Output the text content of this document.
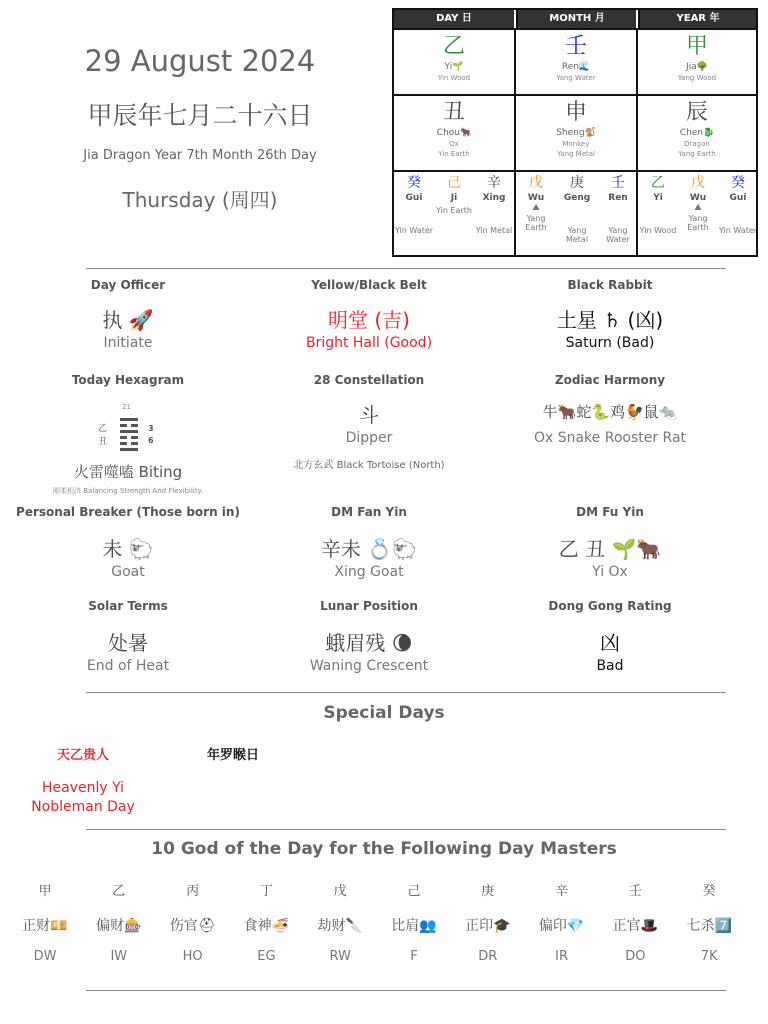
29 August 2024
甲辰年七月二十六日
Jia Dragon Year 7th Month 26th Day
Thursday (周四)
DAY 日	MONTH 月	YEAR 年
乙
Yi🌱
Yin Wood
壬
Ren🌊
Yang Water
甲
Jia🌳
Yang Wood
丑
Chou🐂
Ox
Yin Earth
申
Sheng🐒
Monkey
Yang Metal
辰
Chen🐉
Dragon
Yang Earth
癸
Gui
Yin Water
己
Ji
Yin Earth
辛
Xing
Yin Metal
戊
Wu
⛰
Yang Earth
庚
Geng
Yang Metal
壬
Ren
Yang Water
乙
Yi
Yin Wood
戊
Wu
⛰
Yang Earth
癸
Gui
Yin Water
Day Officer
执 🚀
Initiate
Yellow/Black Belt
明堂 (吉)
Bright Hall (Good)
Black Rabbit
土星 ♄ (凶)
Saturn (Bad)
Today Hexagram
21
乙
丑
3
6
火雷噬嗑 Biting
刚柔相济 Balancing Strength And Flexibility.
28 Constellation
斗
Dipper
北方玄武 Black Tortoise (North)
Zodiac Harmony
牛🐂蛇🐍鸡🐓鼠🐀
Ox Snake Rooster Rat
Personal Breaker (Those born in)
未 🐑
Goat
DM Fan Yin
辛未 💍🐑
Xing Goat
DM Fu Yin
乙 丑 🌱🐂
Yi Ox
Solar Terms
处暑
End of Heat
Lunar Position
蛾眉残 🌘
Waning Crescent
Dong Gong Rating
凶
Bad
Special Days
天乙贵人
Heavenly Yi Nobleman Day
年罗睺日
10 God of the Day for the Following Day Masters
甲
正财💴
DW
乙
偏财🎰
IW
丙
伤官⛑
HO
丁
食神🍜
EG
戊
劫财🔪
RW
己
比肩👥
F
庚
正印🎓
DR
辛
偏印💎
IR
壬
正官🎩
DO
癸
七杀7️⃣
7K
